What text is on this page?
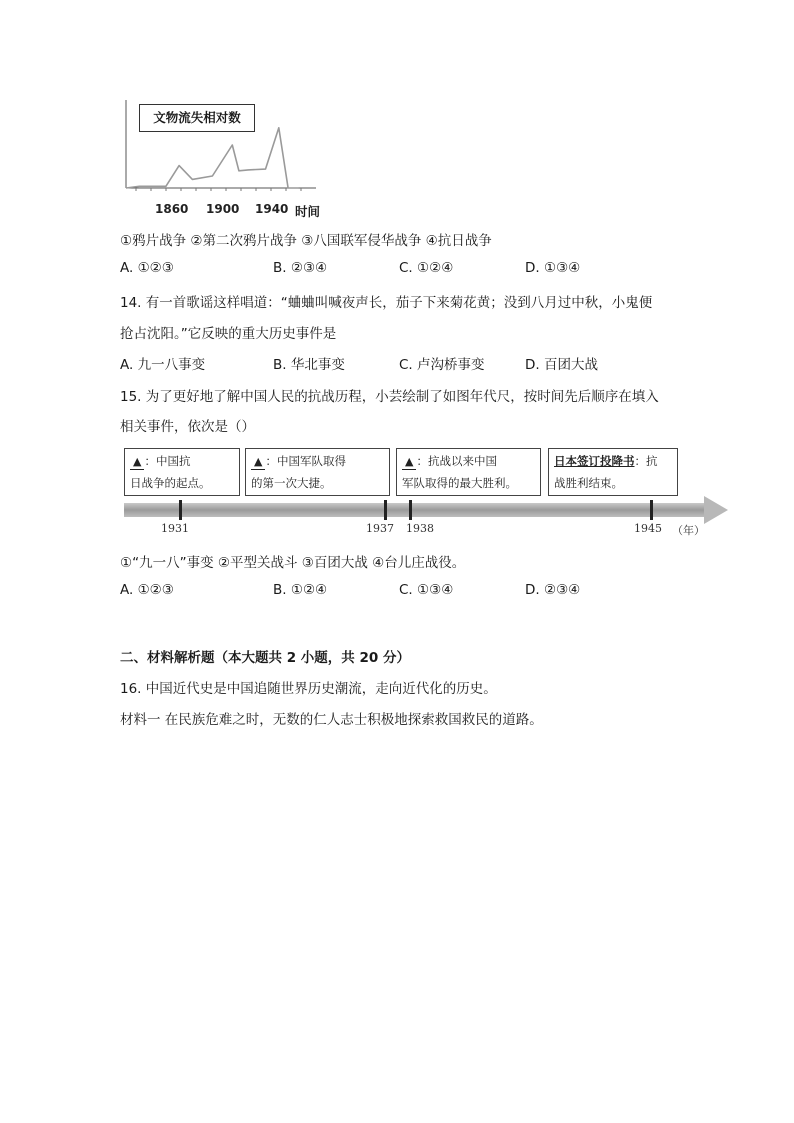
文物流失相对数
1860 1900 1940 时间
①鸦片战争 ②第二次鸦片战争 ③八国联军侵华战争 ④抗日战争
A. ①②③	B. ②③④	C. ①②④	D. ①③④
14. 有一首歌谣这样唱道：“蛐蛐叫喊夜声长，茄子下来菊花黄；没到八月过中秋，小鬼便
抢占沈阳。”它反映的重大历史事件是
A. 九一八事变	B. 华北事变	C. 卢沟桥事变	D. 百团大战
15. 为了更好地了解中国人民的抗战历程，小芸绘制了如图年代尺，按时间先后顺序在填入
相关事件，依次是（）
▲ ：中国抗
日战争的起点。
▲ ：中国军队取得
的第一次大捷。
▲ ：抗战以来中国
军队取得的最大胜利。
日本签订投降书：抗
战胜利结束。
1931	1937 1938	1945 （年）
①“九一八”事变 ②平型关战斗 ③百团大战 ④台儿庄战役。
A. ①②③	B. ①②④	C. ①③④	D. ②③④
二、材料解析题（本大题共 2 小题，共 20 分）
16. 中国近代史是中国追随世界历史潮流，走向近代化的历史。
材料一 在民族危难之时，无数的仁人志士积极地探索救国救民的道路。
